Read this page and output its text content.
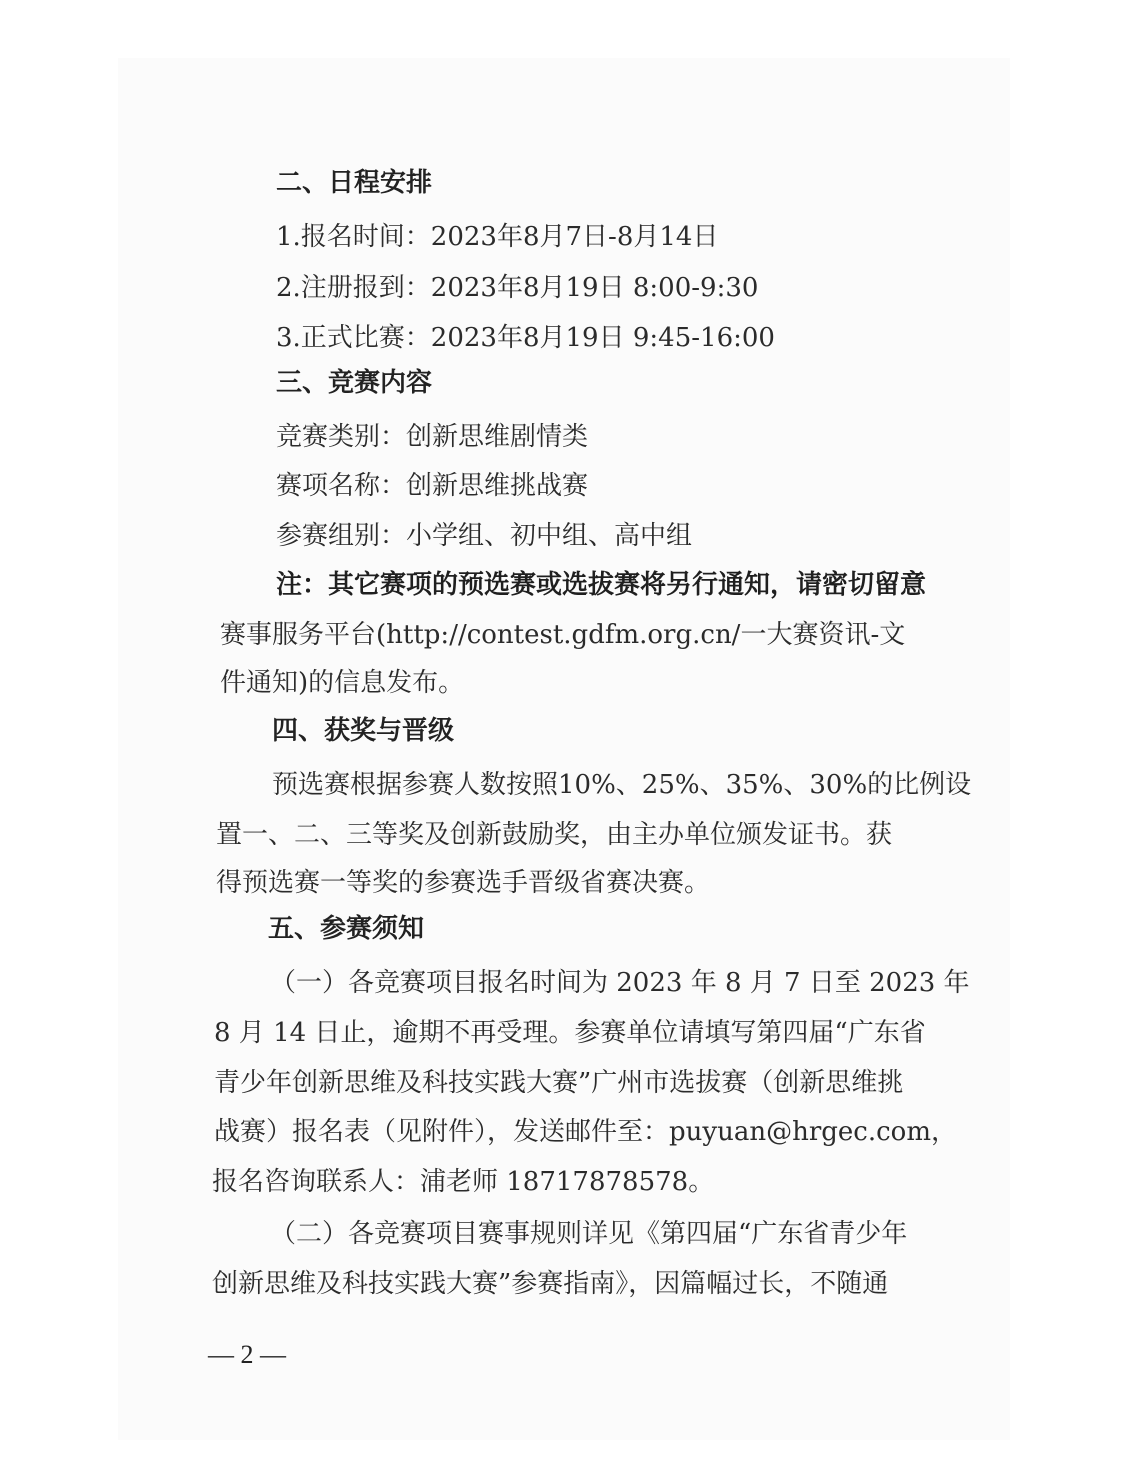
二、日程安排
1.报名时间：2023年8月7日-8月14日
2.注册报到：2023年8月19日 8:00-9:30
3.正式比赛：2023年8月19日 9:45-16:00
三、竞赛内容
竞赛类别：创新思维剧情类
赛项名称：创新思维挑战赛
参赛组别：小学组、初中组、高中组
注：其它赛项的预选赛或选拔赛将另行通知，请密切留意
赛事服务平台(http://contest.gdfm.org.cn/一大赛资讯-文
件通知)的信息发布。
四、获奖与晋级
预选赛根据参赛人数按照10%、25%、35%、30%的比例设
置一、二、三等奖及创新鼓励奖，由主办单位颁发证书。获
得预选赛一等奖的参赛选手晋级省赛决赛。
五、参赛须知
（一）各竞赛项目报名时间为 2023 年 8 月 7 日至 2023 年
8 月 14 日止，逾期不再受理。参赛单位请填写第四届“广东省
青少年创新思维及科技实践大赛”广州市选拔赛（创新思维挑
战赛）报名表（见附件），发送邮件至：puyuan@hrgec.com，
报名咨询联系人：浦老师 18717878578。
（二）各竞赛项目赛事规则详见《第四届“广东省青少年
创新思维及科技实践大赛”参赛指南》，因篇幅过长，不随通
— 2 —
